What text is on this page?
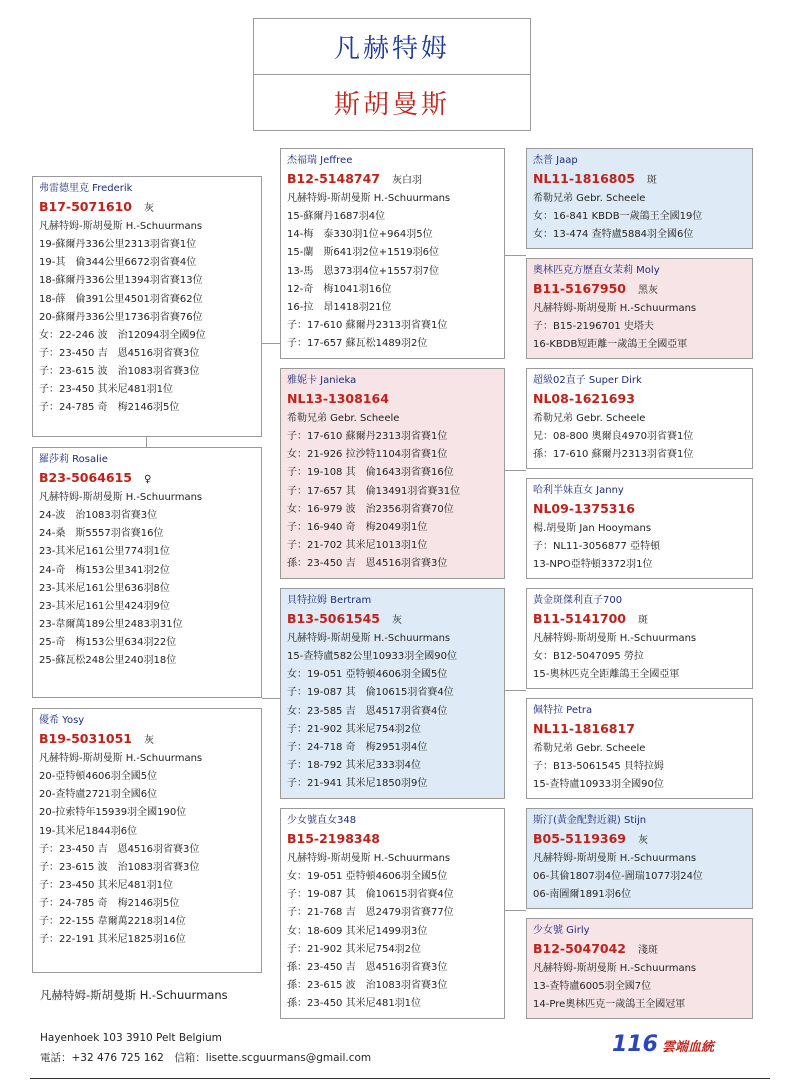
凡赫特姆
斯胡曼斯
弗雷德里克 Frederik
B17-5071610 灰
凡赫特姆-斯胡曼斯 H.-Schuurmans
19-蘇爾丹336公里2313羽省賽1位
19-其　倫344公里6672羽省賽4位
18-蘇爾丹336公里1394羽省賽13位
18-薛　倫391公里4501羽省賽62位
20-蘇爾丹336公里1736羽省賽76位
女：22-246 波　治12094羽全國9位
子：23-450 吉　恩4516羽省賽3位
子：23-615 波　治1083羽省賽3位
子：23-450 其米尼481羽1位
子：24-785 奇　梅2146羽5位
羅莎莉 Rosalie
B23-5064615 ♀
凡赫特姆-斯胡曼斯 H.-Schuurmans
24-波　治1083羽省賽3位
24-桑　斯5557羽省賽16位
23-其米尼161公里774羽1位
24-奇　梅153公里341羽2位
23-其米尼161公里636羽8位
23-其米尼161公里424羽9位
23-韋爾萬189公里2483羽31位
25-奇　梅153公里634羽22位
25-蘇瓦松248公里240羽18位
優希 Yosy
B19-5031051 灰
凡赫特姆-斯胡曼斯 H.-Schuurmans
20-亞特頓4606羽全國5位
20-查特盧2721羽全國6位
20-拉索特年15939羽全國190位
19-其米尼1844羽6位
子：23-450 吉　恩4516羽省賽3位
子：23-615 波　治1083羽省賽3位
子：23-450 其米尼481羽1位
子：24-785 奇　梅2146羽5位
子：22-155 韋爾萬2218羽14位
子：22-191 其米尼1825羽16位
杰福瑞 Jeffree
B12-5148747 灰白羽
凡赫特姆-斯胡曼斯 H.-Schuurmans
15-蘇爾丹1687羽4位
14-梅　泰330羽1位+964羽5位
15-蘭　斯641羽2位+1519羽6位
13-馬　恩373羽4位+1557羽7位
12-奇　梅1041羽16位
16-拉　昂1418羽21位
子：17-610 蘇爾丹2313羽省賽1位
子：17-657 蘇瓦松1489羽2位
雅妮卡 Janieka
NL13-1308164
希勒兄弟 Gebr. Scheele
子：17-610 蘇爾丹2313羽省賽1位
女：21-926 拉沙特1104羽省賽1位
子：19-108 其　倫1643羽省賽16位
子：17-657 其　倫13491羽省賽31位
女：16-979 波　治2356羽省賽70位
子：16-940 奇　梅2049羽1位
子：21-702 其米尼1013羽1位
孫：23-450 吉　恩4516羽省賽3位
貝特拉姆 Bertram
B13-5061545 灰
凡赫特姆-斯胡曼斯 H.-Schuurmans
15-查特盧582公里10933羽全國90位
女：19-051 亞特頓4606羽全國5位
子：19-087 其　倫10615羽省賽4位
女：23-585 吉　恩4517羽省賽4位
子：21-902 其米尼754羽2位
子：24-718 奇　梅2951羽4位
子：18-792 其米尼333羽4位
子：21-941 其米尼1850羽9位
少女號直女348
B15-2198348
凡赫特姆-斯胡曼斯 H.-Schuurmans
女：19-051 亞特頓4606羽全國5位
子：19-087 其　倫10615羽省賽4位
子：21-768 吉　恩2479羽省賽77位
女：18-609 其米尼1499羽3位
子：21-902 其米尼754羽2位
孫：23-450 吉　恩4516羽省賽3位
孫：23-615 波　治1083羽省賽3位
孫：23-450 其米尼481羽1位
杰普 Jaap
NL11-1816805 斑
希勒兄弟 Gebr. Scheele
女：16-841 KBDB一歲鴿王全國19位
女：13-474 查特盧5884羽全國6位
奧林匹克方歷直女茉莉 Moly
B11-5167950 黑灰
凡赫特姆-斯胡曼斯 H.-Schuurmans
子：B15-2196701 史塔夫
16-KBDB短距離一歲鴿王全國亞軍
超級02直子 Super Dirk
NL08-1621693
希勒兄弟 Gebr. Scheele
兄：08-800 奧爾良4970羽省賽1位
孫：17-610 蘇爾丹2313羽省賽1位
哈利半妹直女 Janny
NL09-1375316
楊.胡曼斯 Jan Hooymans
子：NL11-3056877 亞特頓
13-NPO亞特頓3372羽1位
黃金斑傑利直子700
B11-5141700 斑
凡赫特姆-斯胡曼斯 H.-Schuurmans
女：B12-5047095 勞拉
15-奧林匹克全距離鴿王全國亞軍
佩特拉 Petra
NL11-1816817
希勒兄弟 Gebr. Scheele
子：B13-5061545 貝特拉姆
15-查特盧10933羽全國90位
斯汀(黃金配對近親) Stijn
B05-5119369 灰
凡赫特姆-斯胡曼斯 H.-Schuurmans
06-其倫1807羽4位-圖瑞1077羽24位
06-南圖爾1891羽6位
少女號 Girly
B12-5047042 淺斑
凡赫特姆-斯胡曼斯 H.-Schuurmans
13-查特盧6005羽全國7位
14-Pre奧林匹克一歲鴿王全國冠軍
凡赫特姆-斯胡曼斯 H.-Schuurmans
Hayenhoek 103 3910 Pelt Belgium
電話：+32 476 725 162　信箱：lisette.scguurmans@gmail.com
116 雲端血統
